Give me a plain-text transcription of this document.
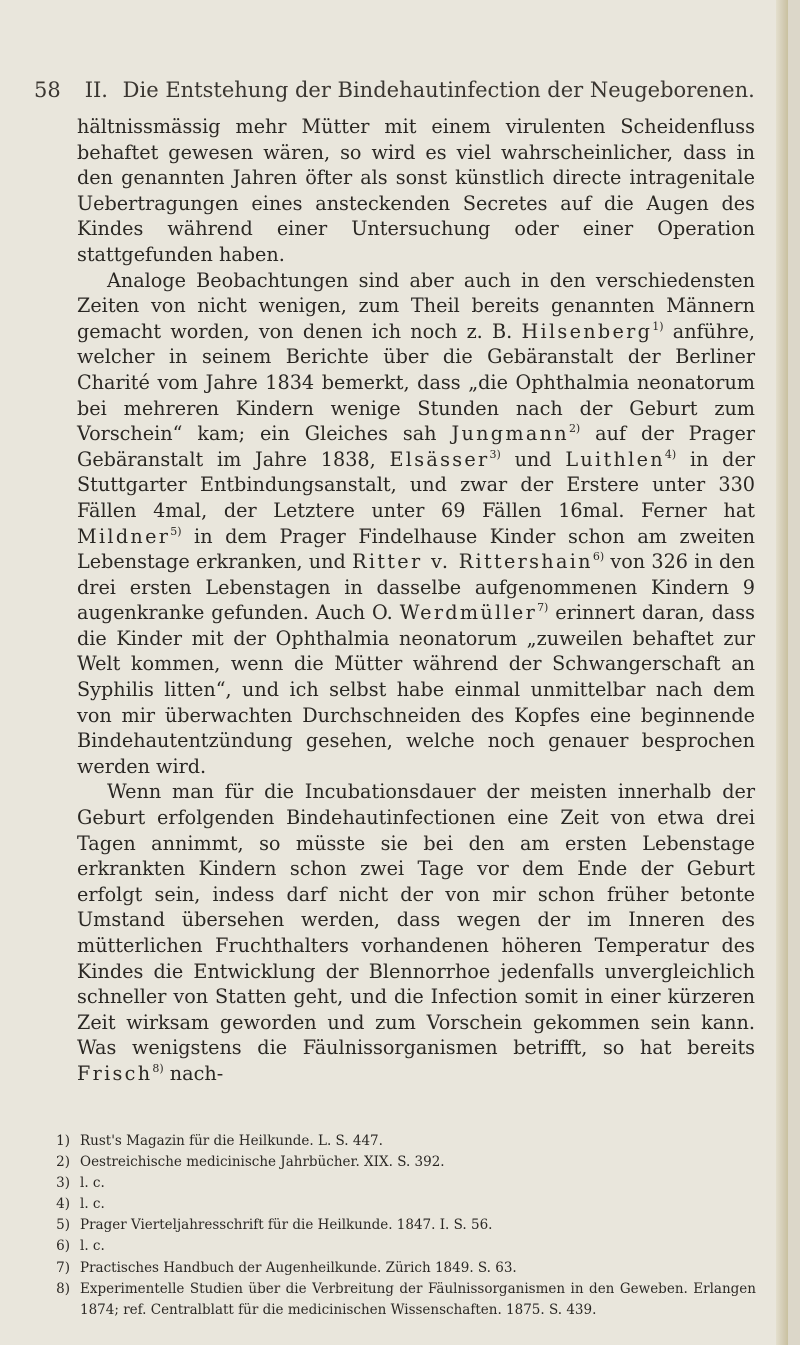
58 II. Die Entstehung der Bindehautinfection der Neugeborenen.

hältnissmässig mehr Mütter mit einem virulenten Scheidenfluss behaftet gewesen wären, so wird es viel wahrscheinlicher, dass in den genannten Jahren öfter als sonst künstlich directe intragenitale Uebertragungen eines ansteckenden Secretes auf die Augen des Kindes während einer Untersuchung oder einer Operation stattgefunden haben.

Analoge Beobachtungen sind aber auch in den verschiedensten Zeiten von nicht wenigen, zum Theil bereits genannten Männern gemacht worden, von denen ich noch z. B. Hilsenberg$^{1)}$ anführe, welcher in seinem Berichte über die Gebäranstalt der Berliner Charité vom Jahre 1834 bemerkt, dass „die Ophthalmia neonatorum bei mehreren Kindern wenige Stunden nach der Geburt zum Vorschein“ kam; ein Gleiches sah Jungmann$^{2)}$ auf der Prager Gebäranstalt im Jahre 1838, Elsässer$^{3)}$ und Luithlen$^{4)}$ in der Stuttgarter Entbindungsanstalt, und zwar der Erstere unter 330 Fällen 4mal, der Letztere unter 69 Fällen 16mal. Ferner hat Mildner$^{5)}$ in dem Prager Findelhause Kinder schon am zweiten Lebenstage erkranken, und Ritter v. Rittershain$^{6)}$ von 326 in den drei ersten Lebenstagen in dasselbe aufgenommenen Kindern 9 augenkranke gefunden. Auch O. Werdmüller$^{7)}$ erinnert daran, dass die Kinder mit der Ophthalmia neonatorum „zuweilen behaftet zur Welt kommen, wenn die Mütter während der Schwangerschaft an Syphilis litten“, und ich selbst habe einmal unmittelbar nach dem von mir überwachten Durchschneiden des Kopfes eine beginnende Bindehautentzündung gesehen, welche noch genauer besprochen werden wird.

Wenn man für die Incubationsdauer der meisten innerhalb der Geburt erfolgenden Bindehautinfectionen eine Zeit von etwa drei Tagen annimmt, so müsste sie bei den am ersten Lebenstage erkrankten Kindern schon zwei Tage vor dem Ende der Geburt erfolgt sein, indess darf nicht der von mir schon früher betonte Umstand übersehen werden, dass wegen der im Inneren des mütterlichen Fruchthalters vorhandenen höheren Temperatur des Kindes die Entwicklung der Blennorrhoe jedenfalls unvergleichlich schneller von Statten geht, und die Infection somit in einer kürzeren Zeit wirksam geworden und zum Vorschein gekommen sein kann. Was wenigstens die Fäulnissorganismen betrifft, so hat bereits Frisch$^{8)}$ nach-

1) Rust's Magazin für die Heilkunde. L. S. 447.
2) Oestreichische medicinische Jahrbücher. XIX. S. 392.
3) l. c.
4) l. c.
5) Prager Vierteljahresschrift für die Heilkunde. 1847. I. S. 56.
6) l. c.
7) Practisches Handbuch der Augenheilkunde. Zürich 1849. S. 63.
8) Experimentelle Studien über die Verbreitung der Fäulnissorganismen in den Geweben. Erlangen 1874; ref. Centralblatt für die medicinischen Wissenschaften. 1875. S. 439.
